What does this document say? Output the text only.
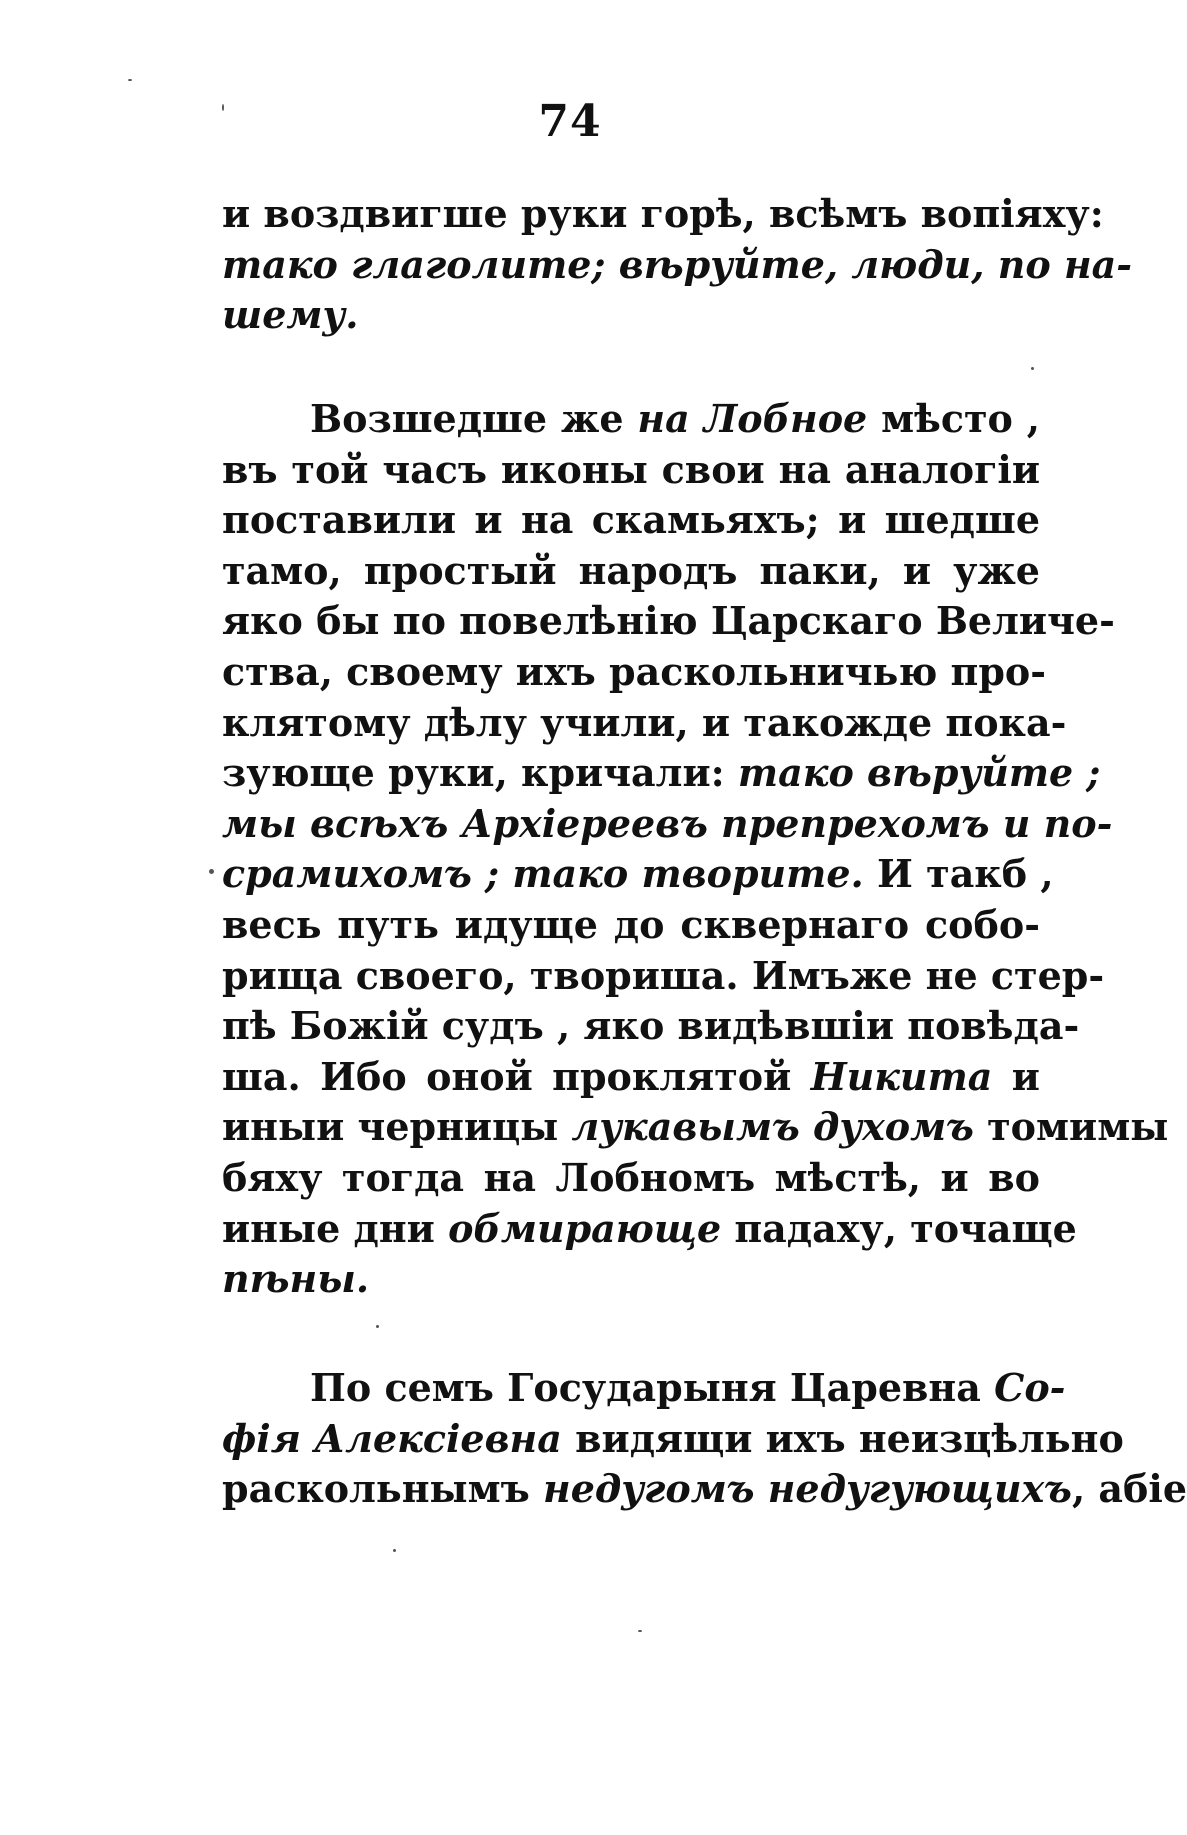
74
и воздвигше руки горѣ, всѣмъ вопіяху:
тако глаголите; вѣруйте, люди, по на-
шему.
Возшедше же на Лобное мѣсто ,
въ той часъ иконы свои на аналогіи
поставили и на скамьяхъ; и шедше
тамо, простый народъ паки, и уже
яко бы по повелѣнію Царскаго Величе-
ства, своему ихъ раскольничью про-
клятому дѣлу учили, и такожде пока-
зующе руки, кричали: тако вѣруйте ;
мы всѣхъ Архіереевъ препрехомъ и по-
срамихомъ ; тако творите. И такб ,
весь путь идуще до сквернаго собо-
рища своего, твориша. Имъже не стер-
пѣ Божій судъ , яко видѣвшіи повѣда-
ша. Ибо оной проклятой Никита и
иныи черницы лукавымъ духомъ томимы
бяху тогда на Лобномъ мѣстѣ, и во
иные дни обмирающе падаху, точаще
пѣны.
По семъ Государыня Царевна Со-
фія Алексіевна видящи ихъ неизцѣльно
раскольнымъ недугомъ недугующихъ, абіе
